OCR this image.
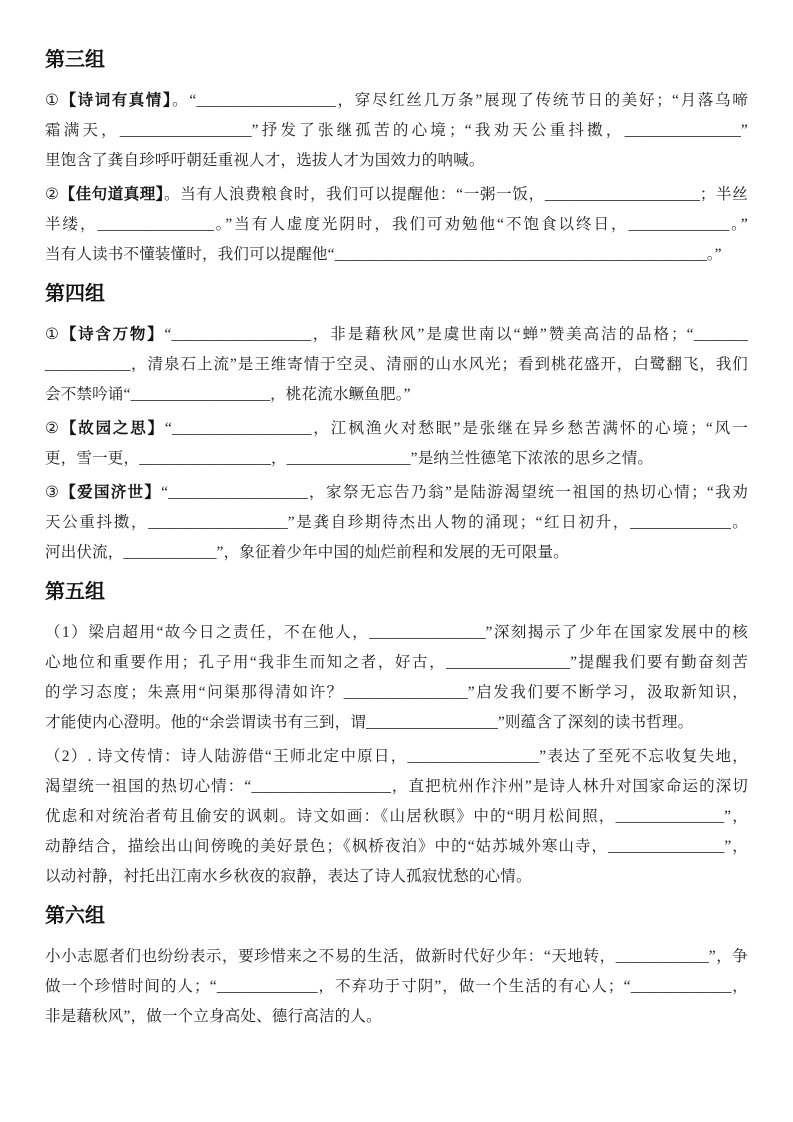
第三组
①【诗词有真情】。“__________________，穿尽红丝几万条”展现了传统节日的美好；“月落乌啼
霜满天，_________________”抒发了张继孤苦的心境；“我劝天公重抖擞，_______________”
里饱含了龚自珍呼吁朝廷重视人才，选拔人才为国效力的呐喊。
②【佳句道真理】。当有人浪费粮食时，我们可以提醒他：“一粥一饭，____________________；半丝
半缕，_______________。”当有人虚度光阴时，我们可劝勉他“不饱食以终日，_____________。”
当有人读书不懂装懂时，我们可以提醒他“________________________________________________。”
第四组
①【诗含万物】“__________________，非是藉秋风”是虞世南以“蝉”赞美高洁的品格；“_______
___________，清泉石上流”是王维寄情于空灵、清丽的山水风光；看到桃花盛开，白鹭翻飞，我们
会不禁吟诵“__________________，桃花流水鳜鱼肥。”
②【故园之思】“__________________，江枫渔火对愁眠”是张继在异乡愁苦满怀的心境；“风一
更，雪一更，_________________，________________”是纳兰性德笔下浓浓的思乡之情。
③【爱国济世】“__________________，家祭无忘告乃翁”是陆游渴望统一祖国的热切心情；“我劝
天公重抖擞，__________________”是龚自珍期待杰出人物的涌现；“红日初升，_____________。
河出伏流，____________”，象征着少年中国的灿烂前程和发展的无可限量。
第五组
（1）梁启超用“故今日之责任，不在他人，_______________”深刻揭示了少年在国家发展中的核
心地位和重要作用；孔子用“我非生而知之者，好古，________________”提醒我们要有勤奋刻苦
的学习态度；朱熹用“问渠那得清如许？________________”启发我们要不断学习，汲取新知识，
才能使内心澄明。他的“余尝谓读书有三到，谓_________________”则蕴含了深刻的读书哲理。
（2）. 诗文传情：诗人陆游借“王师北定中原日，_________________”表达了至死不忘收复失地，
渴望统一祖国的热切心情：“__________________，直把杭州作汴州”是诗人林升对国家命运的深切
优虑和对统治者苟且偷安的讽刺。诗文如画：《山居秋暝》中的“明月松间照，______________”，
动静结合，描绘出山间傍晚的美好景色；《枫桥夜泊》中的“姑苏城外寒山寺，_______________”，
以动衬静，衬托出江南水乡秋夜的寂静，表达了诗人孤寂忧愁的心情。
第六组
小小志愿者们也纷纷表示，要珍惜来之不易的生活，做新时代好少年：“天地转，____________”，争
做一个珍惜时间的人；“_____________，不弃功于寸阴”，做一个生活的有心人；“_____________，
非是藉秋风”，做一个立身高处、德行高洁的人。
